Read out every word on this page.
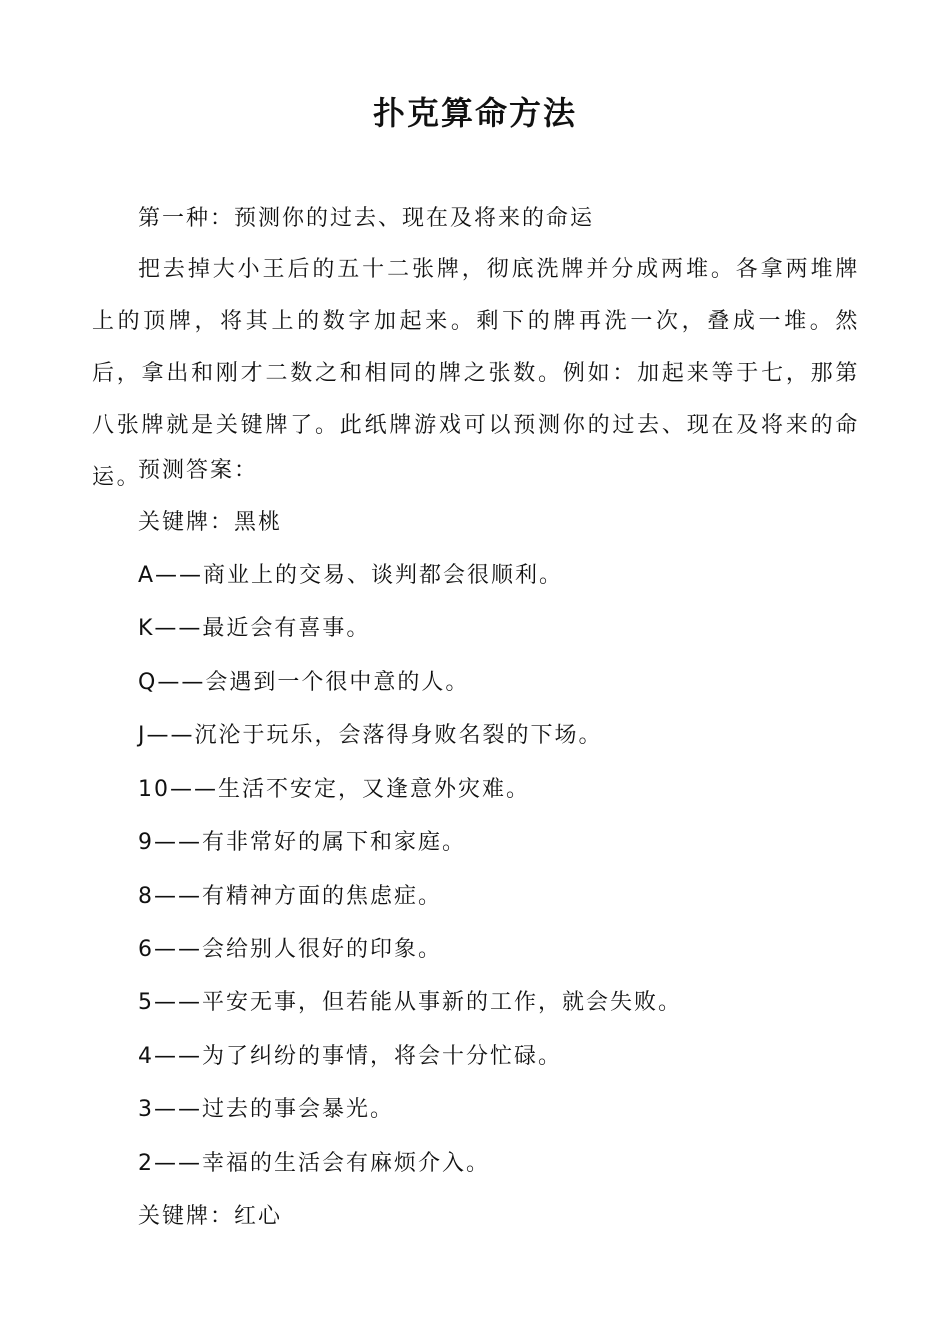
扑克算命方法
第一种：预测你的过去、现在及将来的命运
把去掉大小王后的五十二张牌，彻底洗牌并分成两堆。各拿两堆牌上的顶牌，将其上的数字加起来。剩下的牌再洗一次，叠成一堆。然后，拿出和刚才二数之和相同的牌之张数。例如：加起来等于七，那第八张牌就是关键牌了。此纸牌游戏可以预测你的过去、现在及将来的命运。
预测答案：
关键牌：黑桃
A——商业上的交易、谈判都会很顺利。
K——最近会有喜事。
Q——会遇到一个很中意的人。
J——沉沦于玩乐，会落得身败名裂的下场。
10——生活不安定，又逢意外灾难。
9——有非常好的属下和家庭。
8——有精神方面的焦虑症。
6——会给别人很好的印象。
5——平安无事，但若能从事新的工作，就会失败。
4——为了纠纷的事情，将会十分忙碌。
3——过去的事会暴光。
2——幸福的生活会有麻烦介入。
关键牌：红心
